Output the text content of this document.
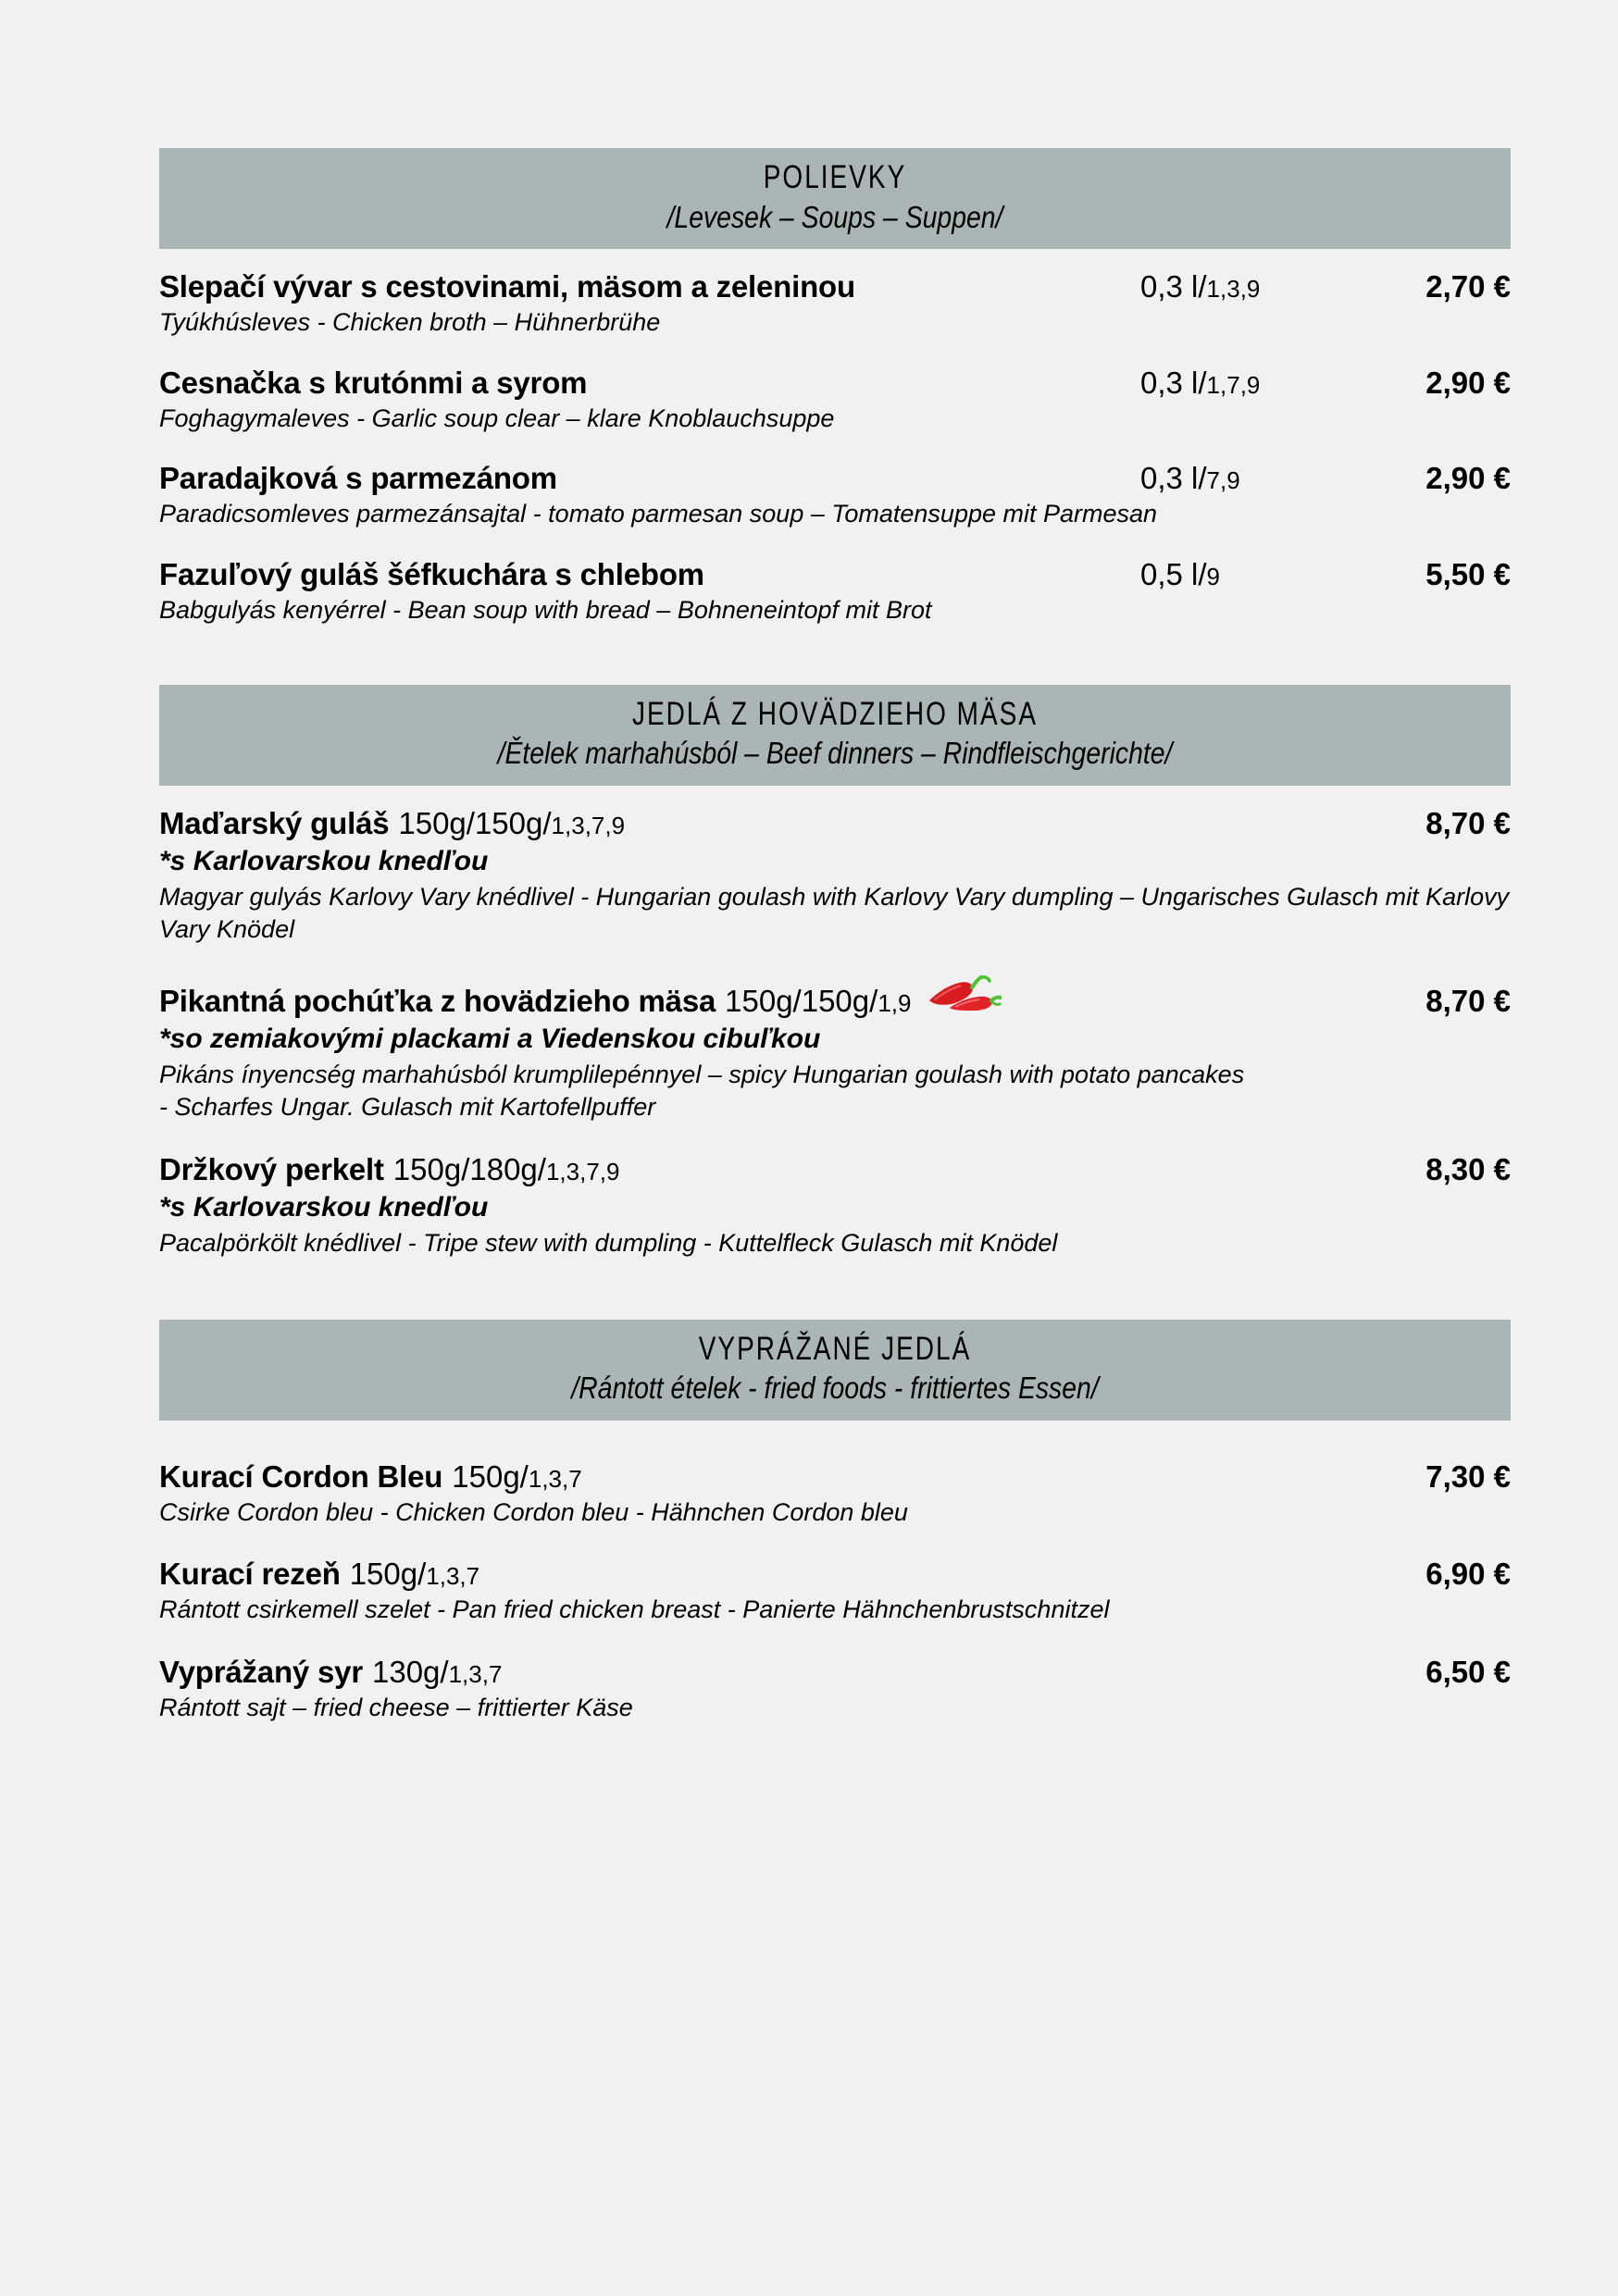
POLIEVKY
/Levesek – Soups – Suppen/
Slepačí vývar s cestovinami, mäsom a zeleninou	0,3 l/1,3,9	2,70 €
Tyúkhúsleves - Chicken broth – Hühnerbrühe
Cesnačka s krutónmi a syrom	0,3 l/1,7,9	2,90 €
Foghagymaleves - Garlic soup clear – klare Knoblauchsuppe
Paradajková s parmezánom	0,3 l/7,9	2,90 €
Paradicsomleves parmezánsajtal - tomato parmesan soup – Tomatensuppe mit Parmesan
Fazuľový guláš šéfkuchára s chlebom	0,5 l/9	5,50 €
Babgulyás kenyérrel - Bean soup with bread – Bohneneintopf mit Brot
JEDLÁ Z HOVÄDZIEHO MÄSA
/Ětelek marhahúsból – Beef dinners – Rindfleischgerichte/
Maďarský guláš 150g/150g/1,3,7,9	8,70 €
*s Karlovarskou knedľou
Magyar gulyás Karlovy Vary knédlivel - Hungarian goulash with Karlovy Vary dumpling – Ungarisches Gulasch mit Karlovy Vary Knödel
Pikantná pochúťka z hovädzieho mäsa 150g/150g/1,9	8,70 €
*so zemiakovými plackami a Viedenskou cibuľkou
Pikáns ínyencség marhahúsból krumplilepénnyel – spicy Hungarian goulash with potato pancakes - Scharfes Ungar. Gulasch mit Kartofellpuffer
Držkový perkelt 150g/180g/1,3,7,9	8,30 €
*s Karlovarskou knedľou
Pacalpörkölt knédlivel - Tripe stew with dumpling - Kuttelfleck Gulasch mit Knödel
VYPRÁŽANÉ JEDLÁ
/Rántott ételek - fried foods - frittiertes Essen/
Kurací Cordon Bleu 150g/1,3,7	7,30 €
Csirke Cordon bleu - Chicken Cordon bleu - Hähnchen Cordon bleu
Kurací rezeň 150g/1,3,7	6,90 €
Rántott csirkemell szelet - Pan fried chicken breast - Panierte Hähnchenbrustschnitzel
Vyprážaný syr 130g/1,3,7	6,50 €
Rántott sajt – fried cheese – frittierter Käse
